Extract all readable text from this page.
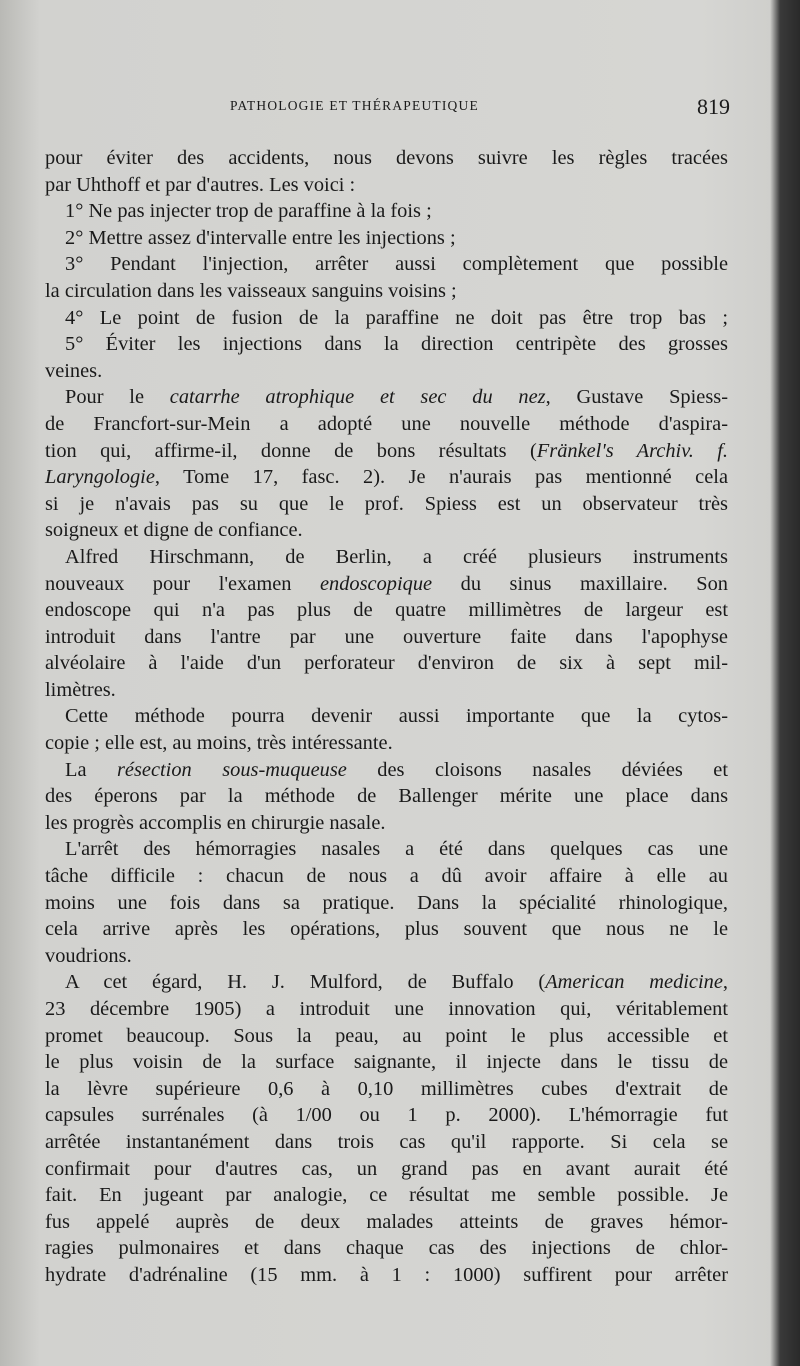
PATHOLOGIE ET THÉRAPEUTIQUE	819
pour éviter des accidents, nous devons suivre les règles tracées
par Uhthoff et par d'autres. Les voici :
1° Ne pas injecter trop de paraffine à la fois ;
2° Mettre assez d'intervalle entre les injections ;
3° Pendant l'injection, arrêter aussi complètement que possible
la circulation dans les vaisseaux sanguins voisins ;
4° Le point de fusion de la paraffine ne doit pas être trop bas ;
5° Éviter les injections dans la direction centripète des grosses
veines.
Pour le catarrhe atrophique et sec du nez, Gustave Spiess-
de Francfort-sur-Mein a adopté une nouvelle méthode d'aspira-
tion qui, affirme-il, donne de bons résultats (Fränkel's Archiv. f.
Laryngologie, Tome 17, fasc. 2). Je n'aurais pas mentionné cela
si je n'avais pas su que le prof. Spiess est un observateur très
soigneux et digne de confiance.
Alfred Hirschmann, de Berlin, a créé plusieurs instruments
nouveaux pour l'examen endoscopique du sinus maxillaire. Son
endoscope qui n'a pas plus de quatre millimètres de largeur est
introduit dans l'antre par une ouverture faite dans l'apophyse
alvéolaire à l'aide d'un perforateur d'environ de six à sept mil-
limètres.
Cette méthode pourra devenir aussi importante que la cytos-
copie ; elle est, au moins, très intéressante.
La résection sous-muqueuse des cloisons nasales déviées et
des éperons par la méthode de Ballenger mérite une place dans
les progrès accomplis en chirurgie nasale.
L'arrêt des hémorragies nasales a été dans quelques cas une
tâche difficile : chacun de nous a dû avoir affaire à elle au
moins une fois dans sa pratique. Dans la spécialité rhinologique,
cela arrive après les opérations, plus souvent que nous ne le
voudrions.
A cet égard, H. J. Mulford, de Buffalo (American medicine,
23 décembre 1905) a introduit une innovation qui, véritablement
promet beaucoup. Sous la peau, au point le plus accessible et
le plus voisin de la surface saignante, il injecte dans le tissu de
la lèvre supérieure 0,6 à 0,10 millimètres cubes d'extrait de
capsules surrénales (à 1/00 ou 1 p. 2000). L'hémorragie fut
arrêtée instantanément dans trois cas qu'il rapporte. Si cela se
confirmait pour d'autres cas, un grand pas en avant aurait été
fait. En jugeant par analogie, ce résultat me semble possible. Je
fus appelé auprès de deux malades atteints de graves hémor-
ragies pulmonaires et dans chaque cas des injections de chlor-
hydrate d'adrénaline (15 mm. à 1 : 1000) suffirent pour arrêter
